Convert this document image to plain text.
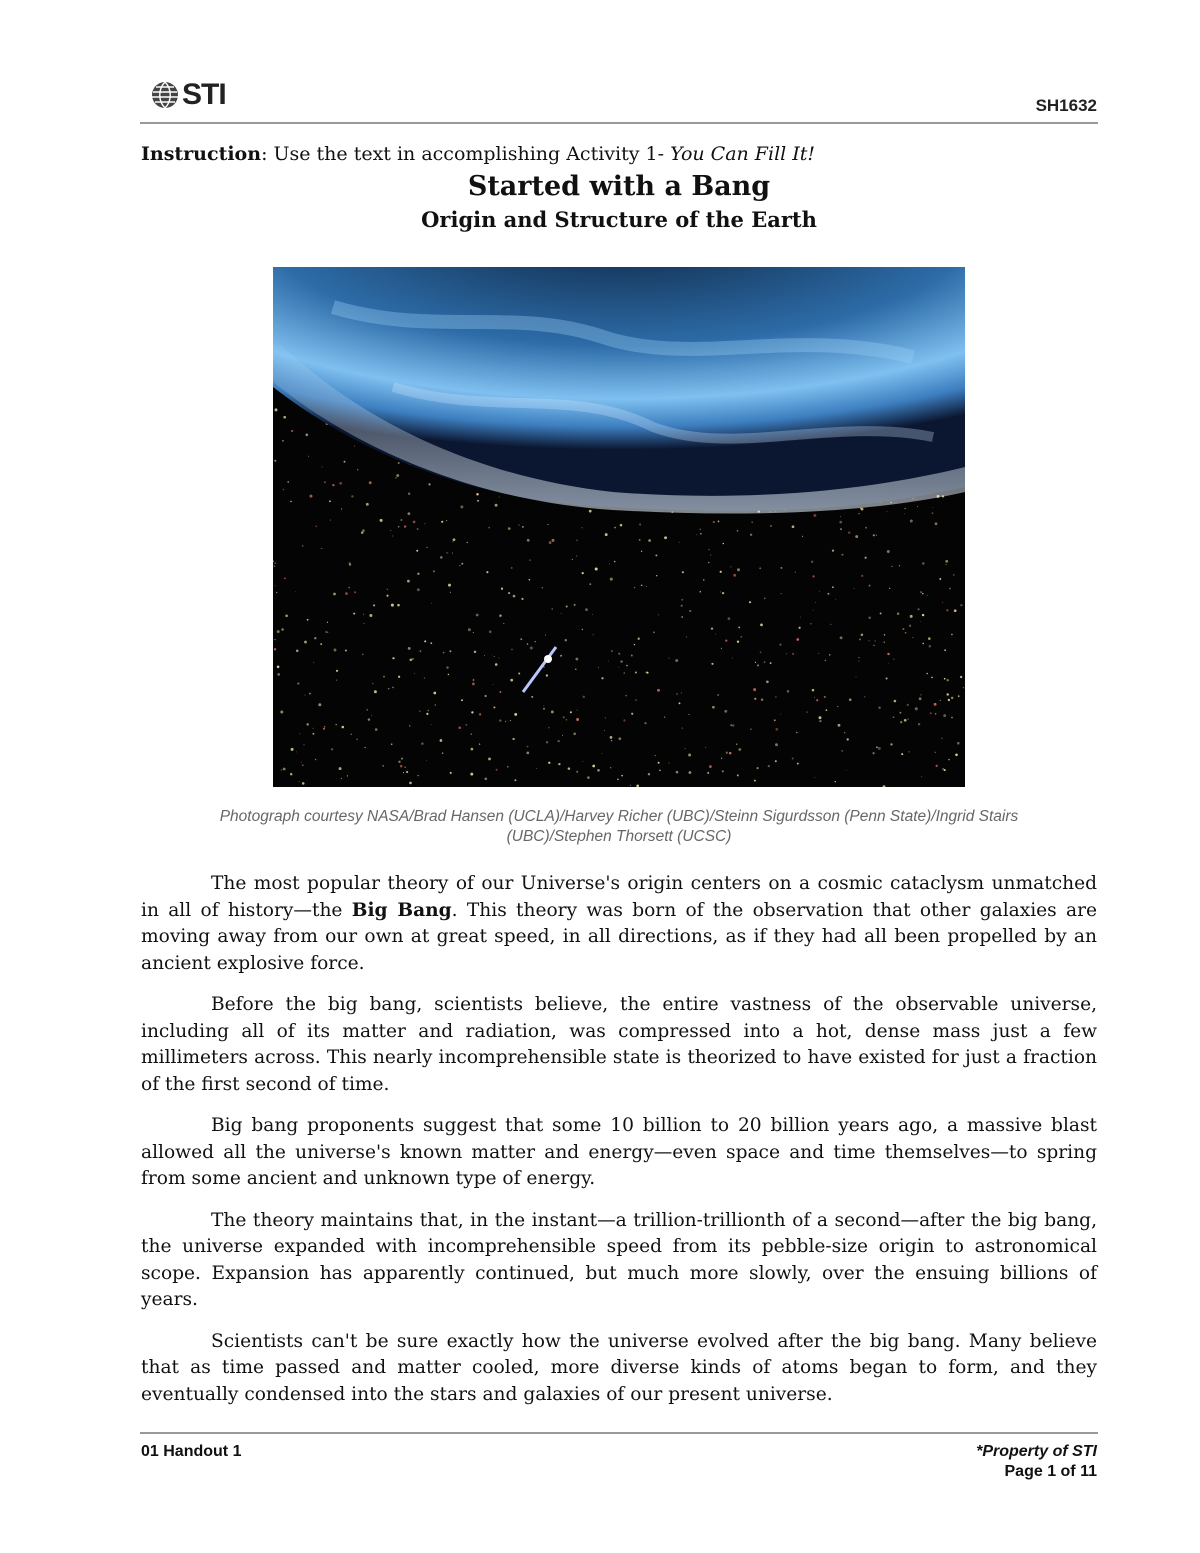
STI	SH1632
Instruction: Use the text in accomplishing Activity 1- You Can Fill It!
Started with a Bang
Origin and Structure of the Earth
Photograph courtesy NASA/Brad Hansen (UCLA)/Harvey Richer (UBC)/Steinn Sigurdsson (Penn State)/Ingrid Stairs
(UBC)/Stephen Thorsett (UCSC)

The most popular theory of our Universe's origin centers on a cosmic cataclysm unmatched in all of history—the Big Bang. This theory was born of the observation that other galaxies are moving away from our own at great speed, in all directions, as if they had all been propelled by an ancient explosive force.

Before the big bang, scientists believe, the entire vastness of the observable universe, including all of its matter and radiation, was compressed into a hot, dense mass just a few millimeters across. This nearly incomprehensible state is theorized to have existed for just a fraction of the first second of time.

Big bang proponents suggest that some 10 billion to 20 billion years ago, a massive blast allowed all the universe's known matter and energy—even space and time themselves—to spring from some ancient and unknown type of energy.

The theory maintains that, in the instant—a trillion-trillionth of a second—after the big bang, the universe expanded with incomprehensible speed from its pebble-size origin to astronomical scope. Expansion has apparently continued, but much more slowly, over the ensuing billions of years.

Scientists can't be sure exactly how the universe evolved after the big bang. Many believe that as time passed and matter cooled, more diverse kinds of atoms began to form, and they eventually condensed into the stars and galaxies of our present universe.

01 Handout 1	*Property of STI
Page 1 of 11
